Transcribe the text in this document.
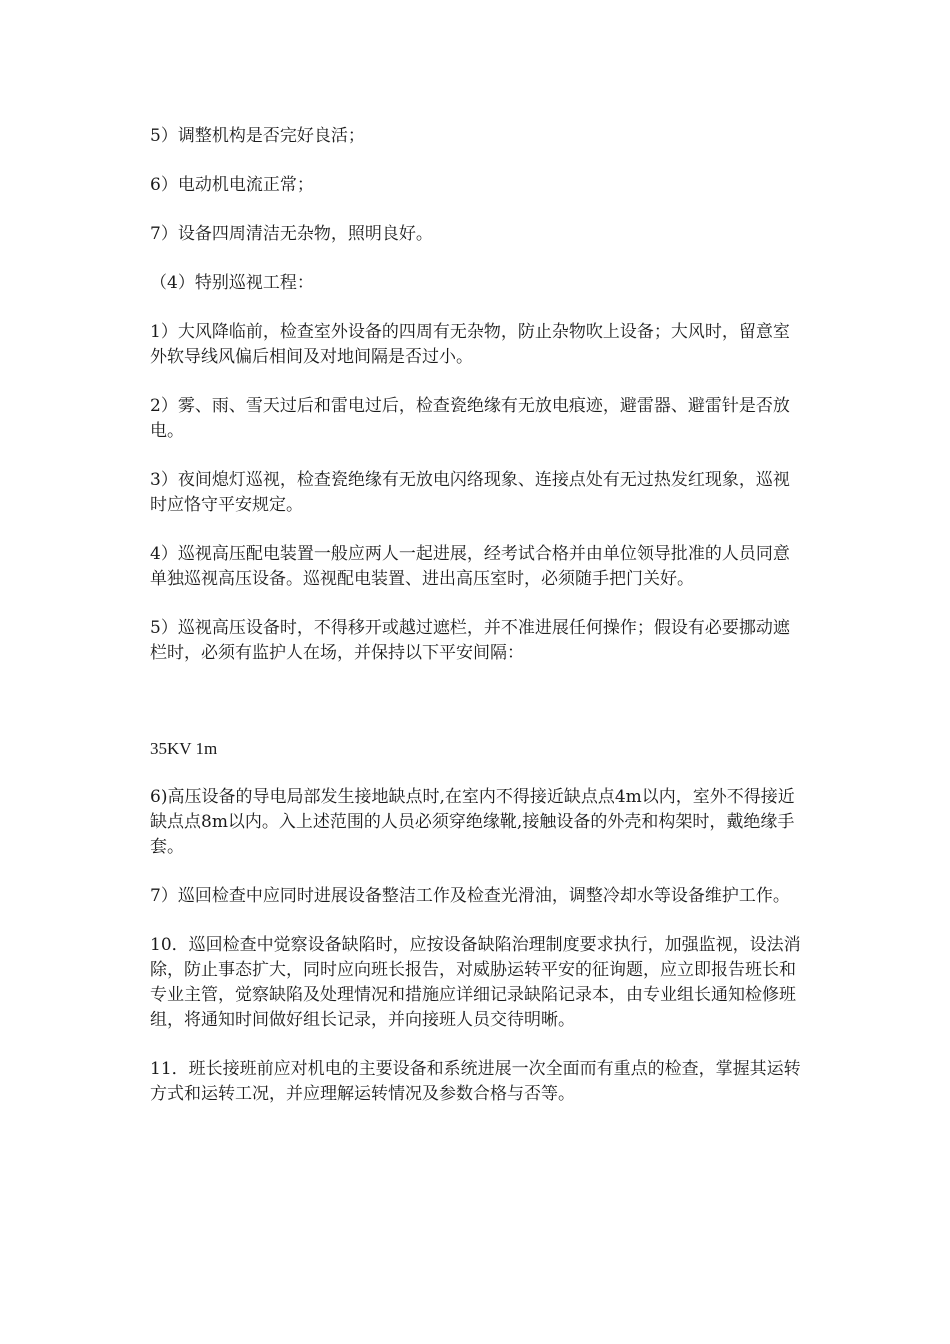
5）调整机构是否完好良活；

6）电动机电流正常；

7）设备四周清洁无杂物，照明良好。

（4）特别巡视工程：

1）大风降临前，检查室外设备的四周有无杂物，防止杂物吹上设备；大风时，留意室外软导线风偏后相间及对地间隔是否过小。

2）雾、雨、雪天过后和雷电过后，检查瓷绝缘有无放电痕迹，避雷器、避雷针是否放电。

3）夜间熄灯巡视，检查瓷绝缘有无放电闪络现象、连接点处有无过热发红现象，巡视时应恪守平安规定。

4）巡视高压配电装置一般应两人一起进展，经考试合格并由单位领导批准的人员同意单独巡视高压设备。巡视配电装置、进出高压室时，必须随手把门关好。

5）巡视高压设备时，不得移开或越过遮栏，并不准进展任何操作；假设有必要挪动遮栏时，必须有监护人在场，并保持以下平安间隔：

35KV 1m

6)高压设备的导电局部发生接地缺点时,在室内不得接近缺点点4m以内，室外不得接近缺点点8m以内。入上述范围的人员必须穿绝缘靴,接触设备的外壳和构架时，戴绝缘手套。

7）巡回检查中应同时进展设备整洁工作及检查光滑油，调整冷却水等设备维护工作。

10．巡回检查中觉察设备缺陷时，应按设备缺陷治理制度要求执行，加强监视，设法消除，防止事态扩大，同时应向班长报告，对威胁运转平安的征询题，应立即报告班长和专业主管，觉察缺陷及处理情况和措施应详细记录缺陷记录本，由专业组长通知检修班组，将通知时间做好组长记录，并向接班人员交待明晰。

11．班长接班前应对机电的主要设备和系统进展一次全面而有重点的检查，掌握其运转方式和运转工况，并应理解运转情况及参数合格与否等。
